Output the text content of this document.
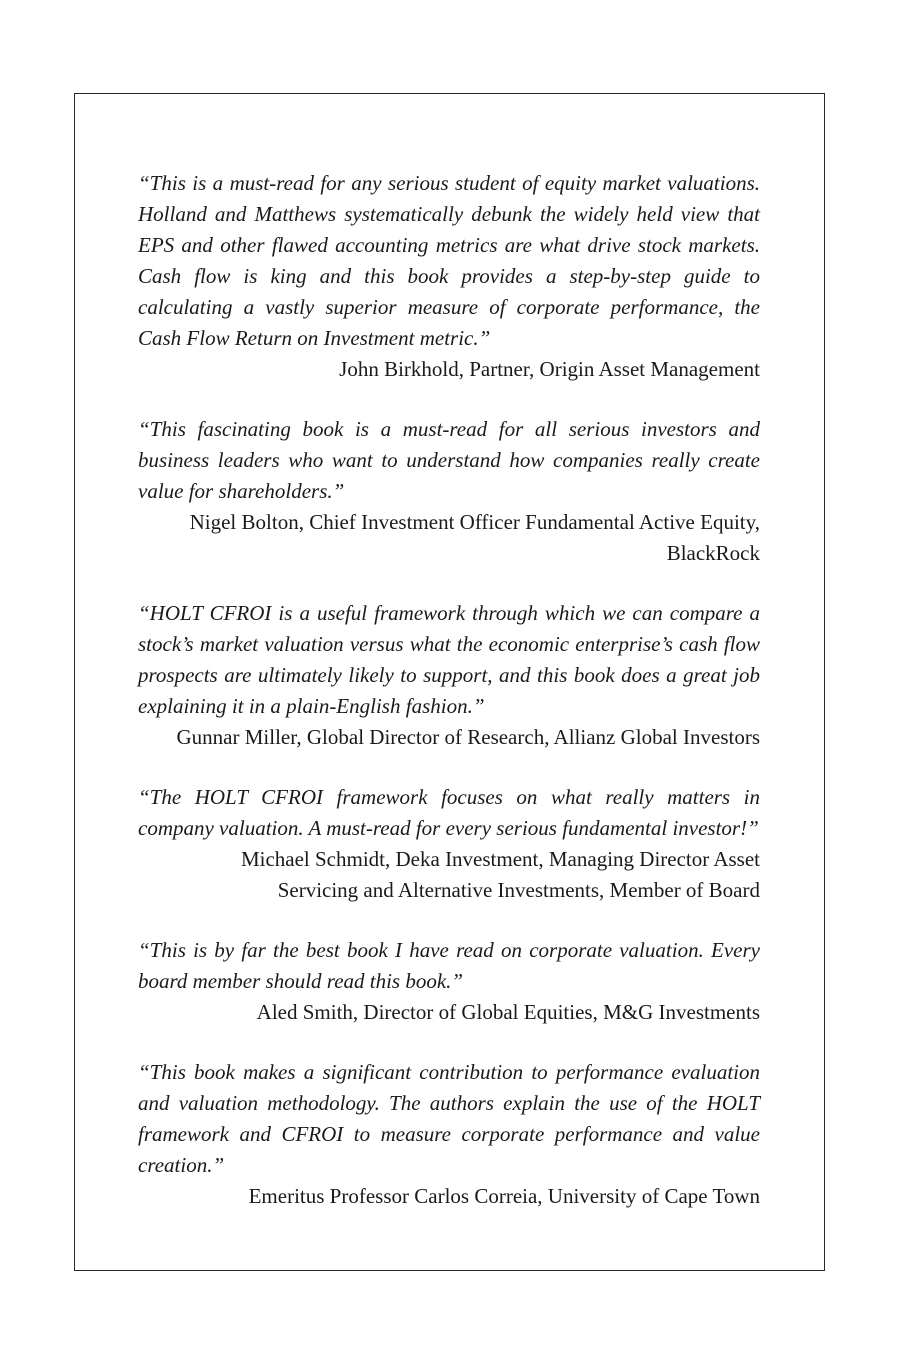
“This is a must-read for any serious student of equity market valuations. Holland and Matthews systematically debunk the widely held view that EPS and other flawed accounting metrics are what drive stock markets. Cash flow is king and this book provides a step-by-step guide to calculating a vastly superior measure of corporate performance, the Cash Flow Return on Investment metric.”

John Birkhold, Partner, Origin Asset Management

“This fascinating book is a must-read for all serious investors and business leaders who want to understand how companies really create value for shareholders.”

Nigel Bolton, Chief Investment Officer Fundamental Active Equity, BlackRock

“HOLT CFROI is a useful framework through which we can compare a stock’s market valuation versus what the economic enterprise’s cash flow prospects are ultimately likely to support, and this book does a great job explaining it in a plain-English fashion.”

Gunnar Miller, Global Director of Research, Allianz Global Investors

“The HOLT CFROI framework focuses on what really matters in company valuation. A must-read for every serious fundamental investor!”

Michael Schmidt, Deka Investment, Managing Director Asset Servicing and Alternative Investments, Member of Board

“This is by far the best book I have read on corporate valuation. Every board member should read this book.”

Aled Smith, Director of Global Equities, M&G Investments

“This book makes a significant contribution to performance evaluation and valuation methodology. The authors explain the use of the HOLT framework and CFROI to measure corporate performance and value creation.”

Emeritus Professor Carlos Correia, University of Cape Town
